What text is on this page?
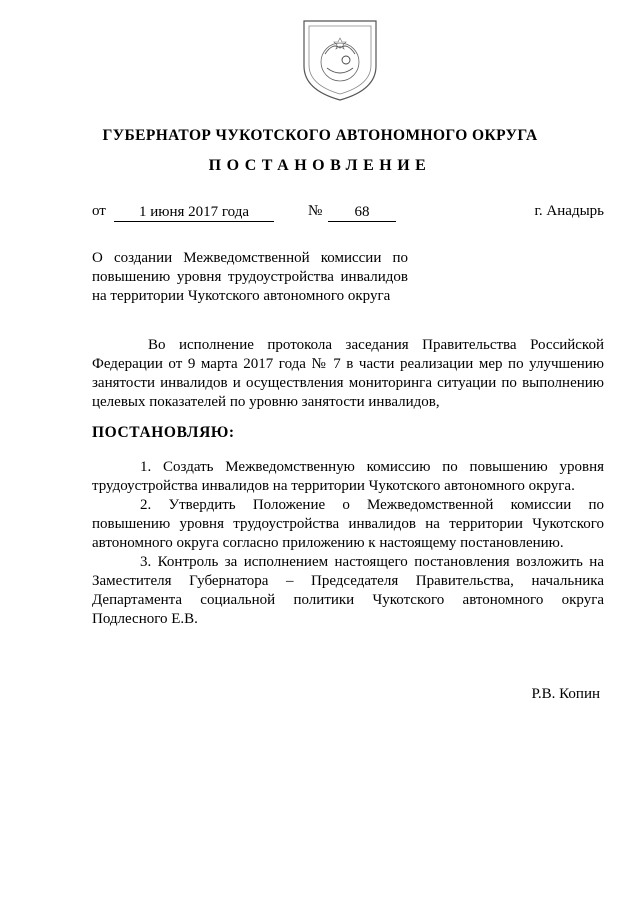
ГУБЕРНАТОР ЧУКОТСКОГО АВТОНОМНОГО ОКРУГА
ПОСТАНОВЛЕНИЕ
от	1 июня 2017 года	№	68	г. Анадырь
О создании Межведомственной комиссии по
повышению уровня трудоустройства инвалидов
на территории Чукотского автономного округа
Во исполнение протокола заседания Правительства Российской Федерации от 9 марта 2017 года № 7 в части реализации мер по улучшению занятости инвалидов и осуществления мониторинга ситуации по выполнению целевых показателей по уровню занятости инвалидов,
ПОСТАНОВЛЯЮ:

1. Создать Межведомственную комиссию по повышению уровня трудоустройства инвалидов на территории Чукотского автономного округа.

2. Утвердить Положение о Межведомственной комиссии по повышению уровня трудоустройства инвалидов на территории Чукотского автономного округа согласно приложению к настоящему постановлению.

3. Контроль за исполнением настоящего постановления возложить на Заместителя Губернатора – Председателя Правительства, начальника Департамента социальной политики Чукотского автономного округа Подлесного Е.В.

Р.В. Копин
